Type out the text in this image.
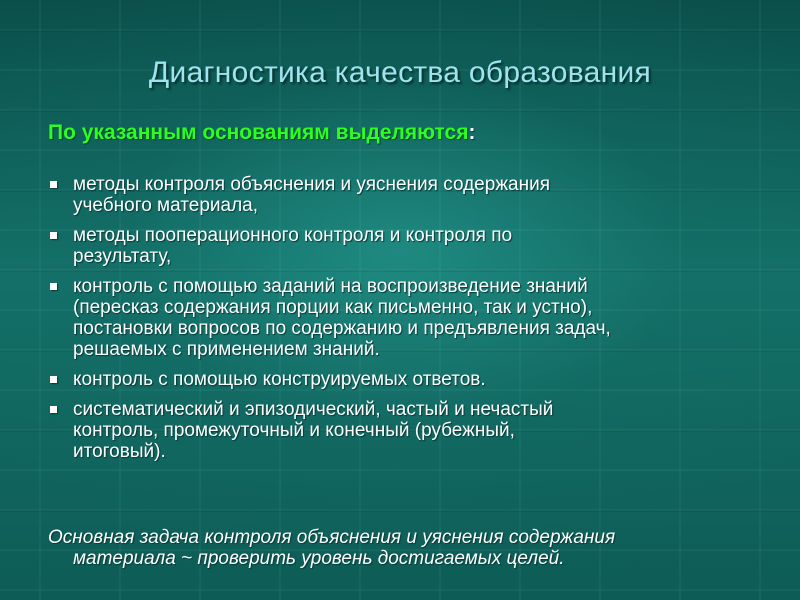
Диагностика качества образования
По указанным основаниям выделяются:
методы контроля объяснения и уяснения содержания
учебного материала,
методы пооперационного контроля и контроля по
результату,
контроль с помощью заданий на воспроизведение знаний
(пересказ содержания порции как письменно, так и устно),
постановки вопросов по содержанию и предъявления задач,
решаемых с применением знаний.
контроль с помощью конструируемых ответов.
систематический и эпизодический, частый и нечастый
контроль, промежуточный и конечный (рубежный,
итоговый).
Основная задача контроля объяснения и уяснения содержания
материала ~ проверить уровень достигаемых целей.
